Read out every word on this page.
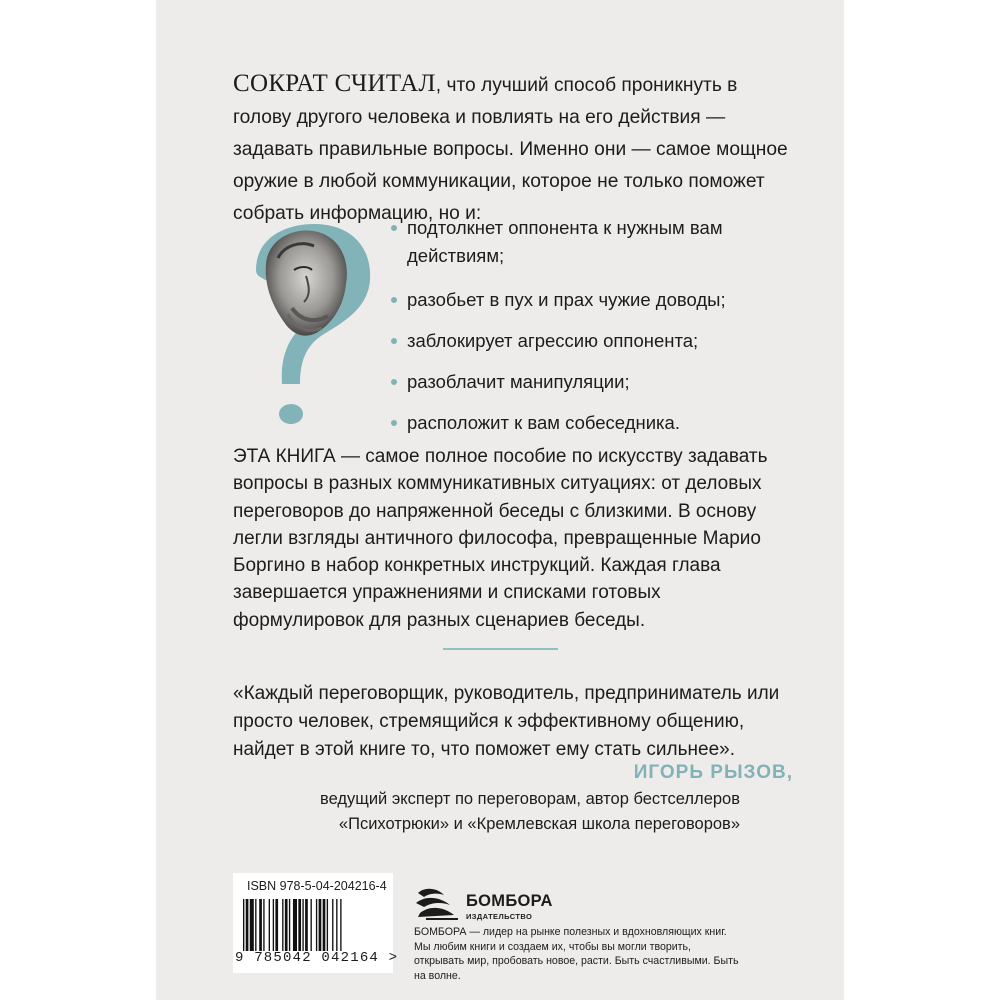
СОКРАТ СЧИТАЛ, что лучший способ проникнуть в голову другого человека и повлиять на его действия — задавать правильные вопросы. Именно они — самое мощное оружие в любой коммуникации, которое не только поможет собрать информацию, но и:

подтолкнет оппонента к нужным вам действиям;
разобьет в пух и прах чужие доводы;
заблокирует агрессию оппонента;
разоблачит манипуляции;
расположит к вам собеседника.

ЭТА КНИГА — самое полное пособие по искусству задавать вопросы в разных коммуникативных ситуациях: от деловых переговоров до напряженной беседы с близкими. В основу легли взгляды античного философа, превращенные Марио Боргино в набор конкретных инструкций. Каждая глава завершается упражнениями и списками готовых формулировок для разных сценариев беседы.

«Каждый переговорщик, руководитель, предприниматель или просто человек, стремящийся к эффективному общению, найдет в этой книге то, что поможет ему стать сильнее».

ИГОРЬ РЫЗОВ,
ведущий эксперт по переговорам, автор бестселлеров
«Психотрюки» и «Кремлевская школа переговоров»
ISBN 978-5-04-204216-4
9 785042 042164 >
БОМБОРА
ИЗДАТЕЛЬСТВО
БОМБОРА — лидер на рынке полезных и вдохновляющих книг. Мы любим книги и создаем их, чтобы вы могли творить, открывать мир, пробовать новое, расти. Быть счастливыми. Быть на волне.
